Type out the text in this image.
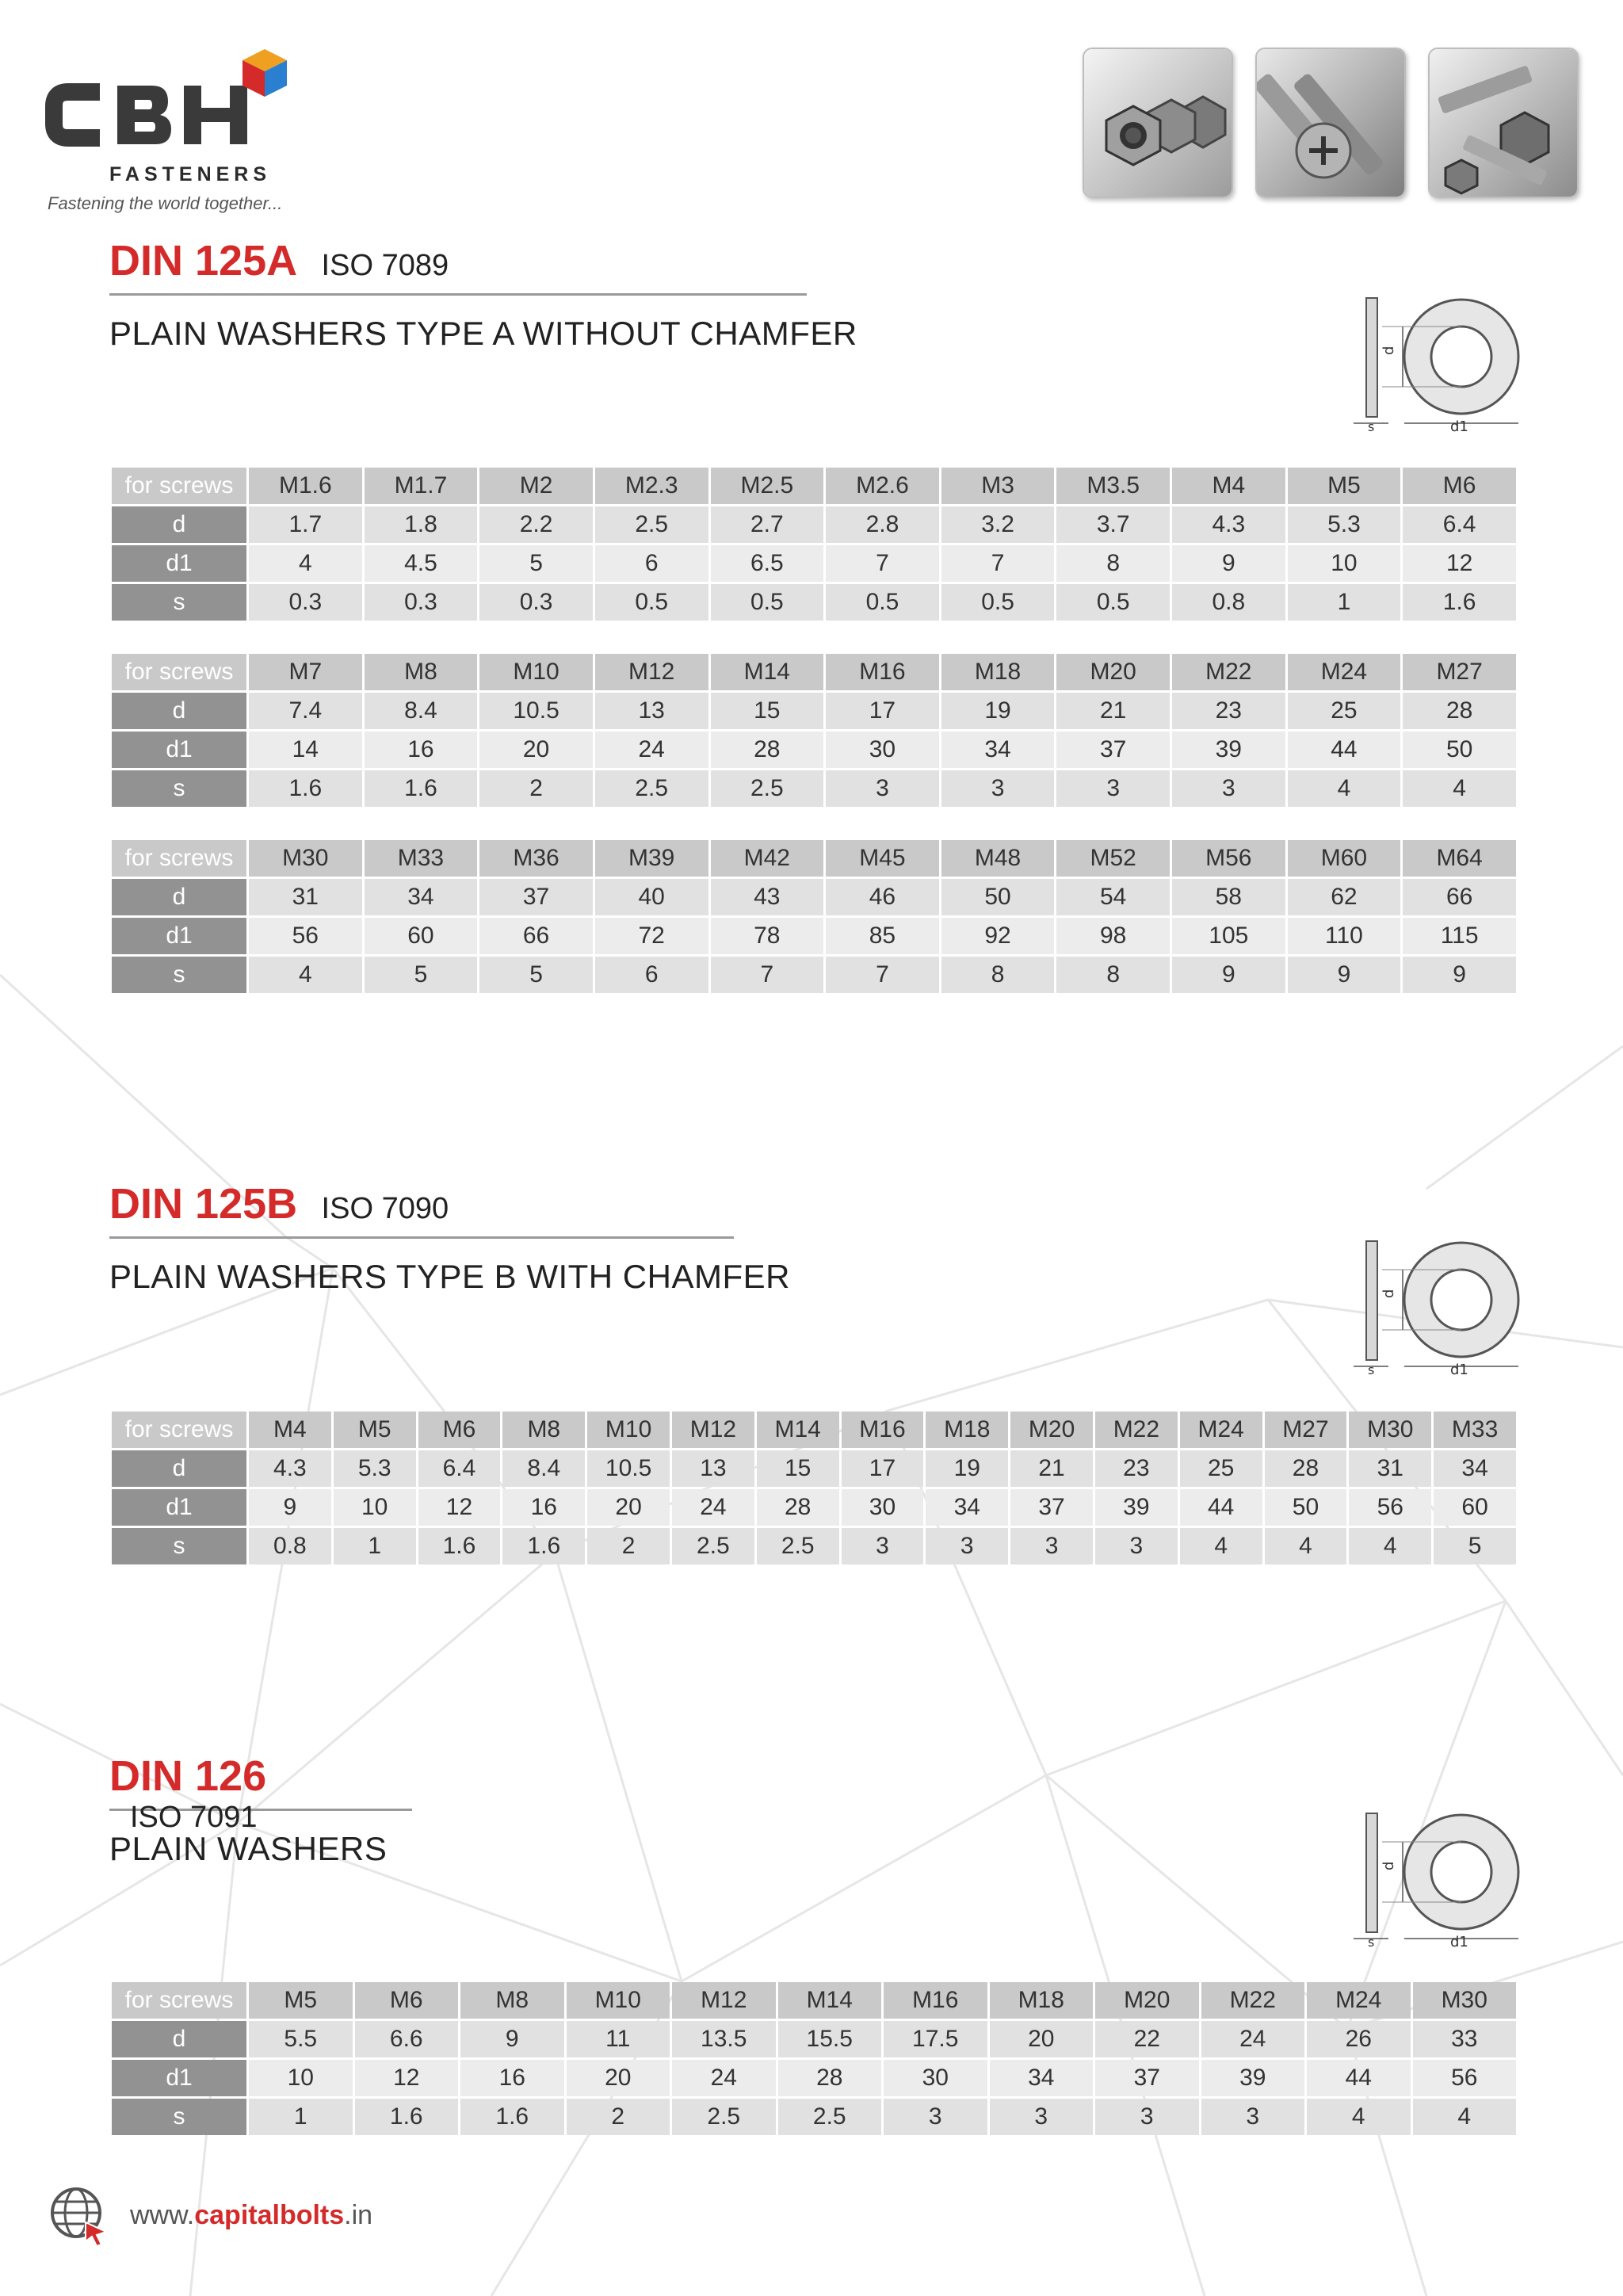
FASTENERS
Fastening the world together...
DIN 125A ISO 7089
PLAIN WASHERS TYPE A WITHOUT CHAMFER
DIN 125B ISO 7090
PLAIN WASHERS TYPE B WITH CHAMFER
DIN 126 ISO 7091
PLAIN WASHERS
d
d1
s
d
d1
s
d
d1
s
for screws	M1.6	M1.7	M2	M2.3	M2.5	M2.6	M3	M3.5	M4	M5	M6
d	1.7	1.8	2.2	2.5	2.7	2.8	3.2	3.7	4.3	5.3	6.4
d1	4	4.5	5	6	6.5	7	7	8	9	10	12
s	0.3	0.3	0.3	0.5	0.5	0.5	0.5	0.5	0.8	1	1.6
for screws	M7	M8	M10	M12	M14	M16	M18	M20	M22	M24	M27
d	7.4	8.4	10.5	13	15	17	19	21	23	25	28
d1	14	16	20	24	28	30	34	37	39	44	50
s	1.6	1.6	2	2.5	2.5	3	3	3	3	4	4
for screws	M30	M33	M36	M39	M42	M45	M48	M52	M56	M60	M64
d	31	34	37	40	43	46	50	54	58	62	66
d1	56	60	66	72	78	85	92	98	105	110	115
s	4	5	5	6	7	7	8	8	9	9	9
for screws	M4	M5	M6	M8	M10	M12	M14	M16	M18	M20	M22	M24	M27	M30	M33
d	4.3	5.3	6.4	8.4	10.5	13	15	17	19	21	23	25	28	31	34
d1	9	10	12	16	20	24	28	30	34	37	39	44	50	56	60
s	0.8	1	1.6	1.6	2	2.5	2.5	3	3	3	3	4	4	4	5
for screws	M5	M6	M8	M10	M12	M14	M16	M18	M20	M22	M24	M30
d	5.5	6.6	9	11	13.5	15.5	17.5	20	22	24	26	33
d1	10	12	16	20	24	28	30	34	37	39	44	56
s	1	1.6	1.6	2	2.5	2.5	3	3	3	3	4	4
www.capitalbolts.in
